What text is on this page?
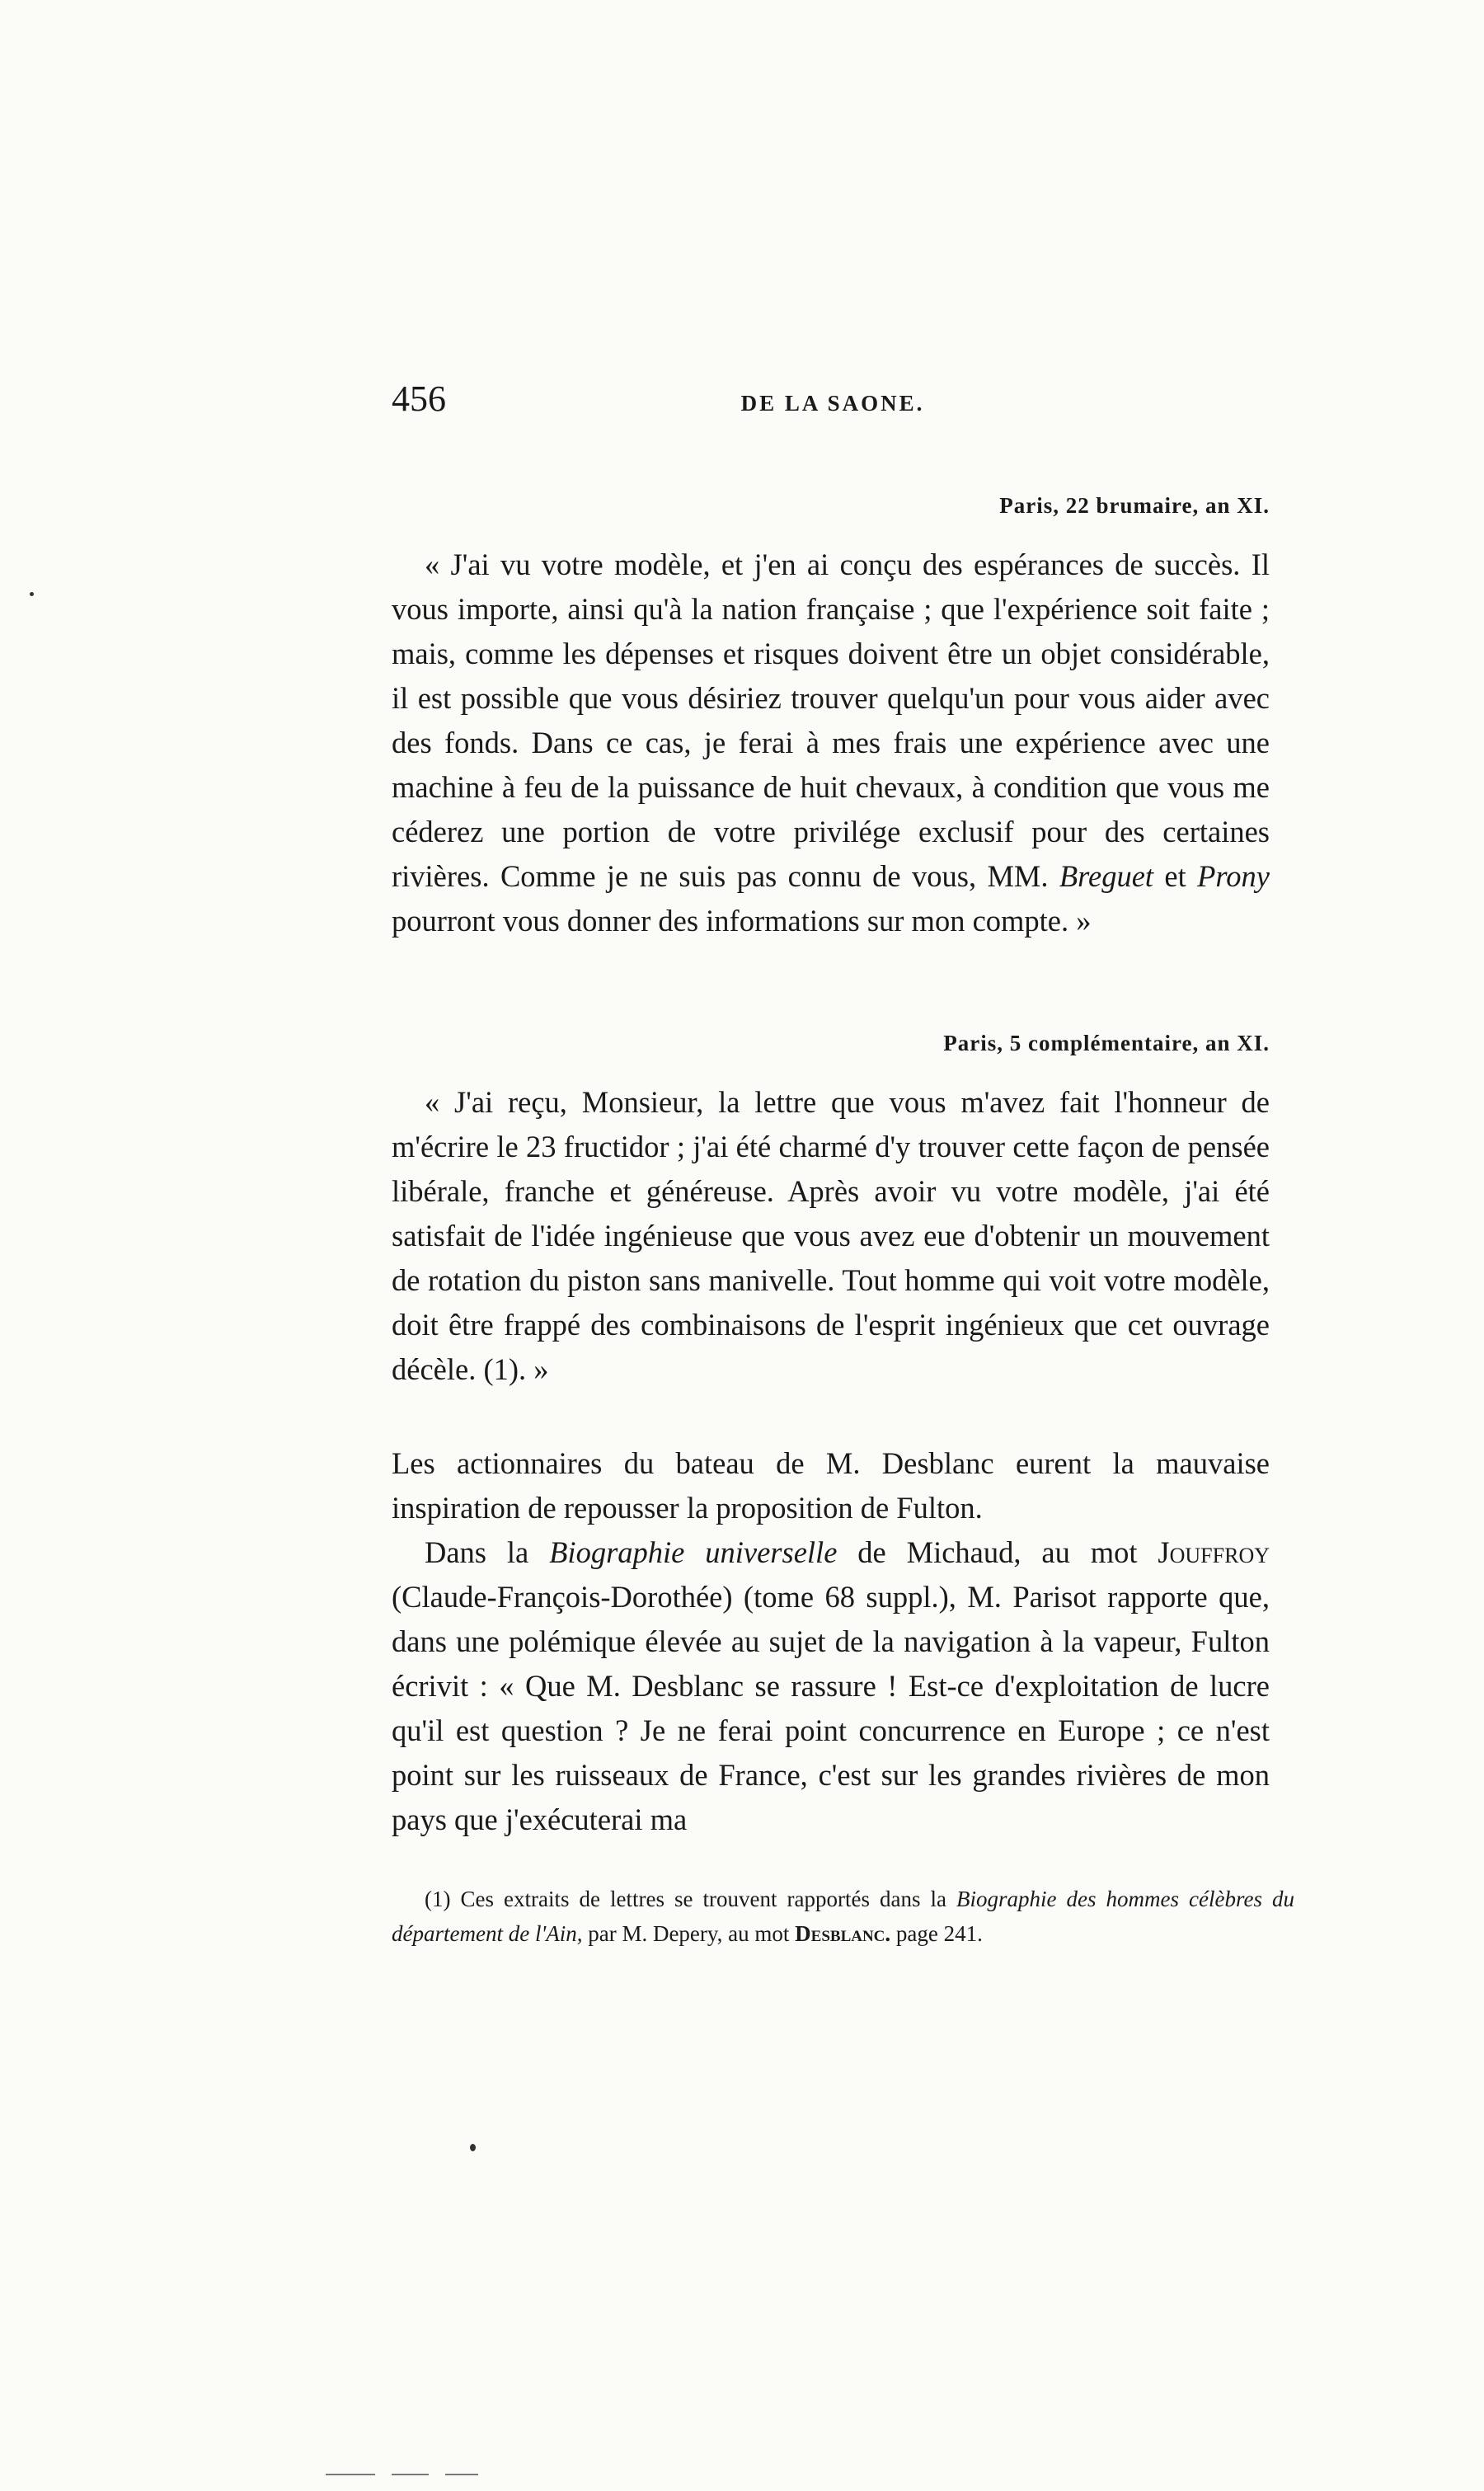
456	DE LA SAONE.
Paris, 22 brumaire, an XI.

« J'ai vu votre modèle, et j'en ai conçu des espérances de succès. Il vous importe, ainsi qu'à la nation française ; que l'expérience soit faite ; mais, comme les dépenses et risques doivent être un objet considérable, il est possible que vous désiriez trouver quelqu'un pour vous aider avec des fonds. Dans ce cas, je ferai à mes frais une expérience avec une machine à feu de la puissance de huit chevaux, à condition que vous me céderez une portion de votre privilége exclusif pour des certaines rivières. Comme je ne suis pas connu de vous, MM. Breguet et Prony pourront vous donner des informations sur mon compte. »

Paris, 5 complémentaire, an XI.

« J'ai reçu, Monsieur, la lettre que vous m'avez fait l'honneur de m'écrire le 23 fructidor ; j'ai été charmé d'y trouver cette façon de pensée libérale, franche et généreuse. Après avoir vu votre modèle, j'ai été satisfait de l'idée ingénieuse que vous avez eue d'obtenir un mouvement de rotation du piston sans manivelle. Tout homme qui voit votre modèle, doit être frappé des combinaisons de l'esprit ingénieux que cet ouvrage décèle. (1). »

Les actionnaires du bateau de M. Desblanc eurent la mauvaise inspiration de repousser la proposition de Fulton.

Dans la Biographie universelle de Michaud, au mot Jouffroy (Claude-François-Dorothée) (tome 68 suppl.), M. Parisot rapporte que, dans une polémique élevée au sujet de la navigation à la vapeur, Fulton écrivit : « Que M. Desblanc se rassure ! Est-ce d'exploitation de lucre qu'il est question ? Je ne ferai point concurrence en Europe ; ce n'est point sur les ruisseaux de France, c'est sur les grandes rivières de mon pays que j'exécuterai ma

(1) Ces extraits de lettres se trouvent rapportés dans la Biographie des hommes célèbres du département de l'Ain, par M. Depery, au mot Desblanc. page 241.
